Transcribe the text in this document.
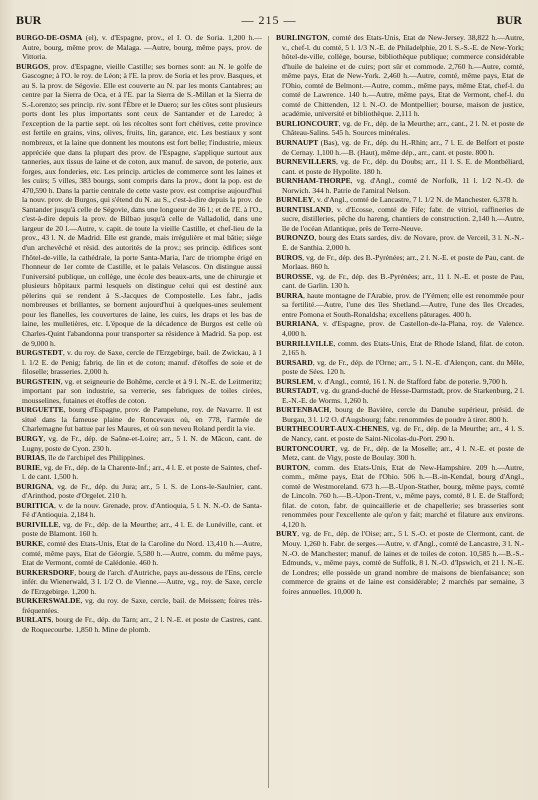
BUR	— 215 —	BUR

BURGO-DE-OSMA (el), v. d'Espagne, prov., el I. O. de Soria. 1,200 h.—Autre, bourg, même prov. de Malaga. —Autre, bourg, même pays, prov. de Vittoria.

BURGOS, prov. d'Espagne, vieille Castille; ses bornes sont: au N. le golfe de Gascogne; à l'O. le roy. de Léon; à l'E. la prov. de Soria et les prov. Basques, et au S. la prov. de Ségovie. Elle est couverte au N. par les monts Cantabres; au centre par la Sierra de Oca, et à l'E. par la Sierra de S.-Millan et la Sierra de S.-Lorenzo; ses princip. riv. sont l'Èbre et le Duero; sur les côtes sont plusieurs ports dont les plus importants sont ceux de Santander et de Laredo; à l'exception de la partie sept. où les récoltes sont fort chétives, cette province est fertile en grains, vins, olives, fruits, lin, garance, etc. Les bestiaux y sont nombreux, et la laine que donnent les moutons est fort belle; l'industrie, mieux appréciée que dans la plupart des prov. de l'Espagne, s'applique surtout aux tanneries, aux tissus de laine et de coton, aux manuf. de savon, de poterie, aux forges, aux fonderies, etc. Les princip. articles de commerce sont les laines et les cuirs; 5 villes, 383 bourgs, sont compris dans la prov., dont la pop. est de 470,590 h. Dans la partie centrale de cette vaste prov. est comprise aujourd'hui la nouv. prov. de Burgos, qui s'étend du N. au S., c'est-à-dire depuis la prov. de Santander jusqu'à celle de Ségovie, dans une longueur de 36 l.; et de l'E. à l'O., c'est-à-dire depuis la prov. de Bilbao jusqu'à celle de Valladolid, dans une largeur de 20 l.—Autre, v. capit. de toute la vieille Castille, et chef-lieu de la prov., 43 l. N. de Madrid. Elle est grande, mais irrégulière et mal bâtie; siège d'un archevêché et résid. des autorités de la prov.; ses princip. édifices sont l'hôtel-de-ville, la cathédrale, la porte Santa-Maria, l'arc de triomphe érigé en l'honneur de 1er comte de Castille, et le palais Velascos. On distingue aussi l'université publique, un collège, une école des beaux-arts, une de chirurgie et plusieurs hôpitaux parmi lesquels on distingue celui qui est destiné aux pèlerins qui se rendent à S.-Jacques de Compostelle. Les fabr., jadis nombreuses et brillantes, se bornent aujourd'hui à quelques-unes seulement pour les flanelles, les couvertures de laine, les cuirs, les draps et les bas de laine, les mulletières, etc. L'époque de la décadence de Burgos est celle où Charles-Quint l'abandonna pour transporter sa résidence à Madrid. Sa pop. est de 9,000 h.

BURGSTEDT, v. du roy. de Saxe, cercle de l'Erzgebirge, bail. de Zwickau, à 1 l. 1/2 E. de Penig; fabriq. de lin et de coton; manuf. d'étoffes de soie et de filoselle; brasseries. 2,000 h.

BURGSTEIN, vg. et seigneurie de Bohême, cercle et à 9 l. N.-E. de Leitmeritz; important par son industrie, sa verrerie, ses fabriques de toiles cirées, mousselines, futaines et étoffes de coton.

BURGUETTE, bourg d'Espagne, prov. de Pampelune, roy. de Navarre. Il est situé dans la fameuse plaine de Roncevaux où, en 778, l'armée de Charlemagne fut battue par les Maures, et où son neveu Roland perdit la vie.

BURGY, vg. de Fr., dép. de Saône-et-Loire; arr., 5 l. N. de Mâcon, cant. de Lugny, poste de Cyon. 230 h.

BURIAS, île de l'archipel des Philippines.

BURIE, vg. de Fr., dép. de la Charente-Inf.; arr., 4 l. E. et poste de Saintes, chef-l. de cant. 1,500 h.

BURIGNA, vg. de Fr., dép. du Jura; arr., 5 l. S. de Lons-le-Saulnier, cant. d'Arinthod, poste d'Orgelet. 210 h.

BURITICA, v. de la nouv. Grenade, prov. d'Antioquia, 5 l. N. N.-O. de Santa-Fé d'Antioquia. 2,184 h.

BURIVILLE, vg. de Fr., dép. de la Meurthe; arr., 4 l. E. de Lunéville, cant. et poste de Blamont. 160 h.

BURKE, comté des Etats-Unis, Etat de la Caroline du Nord. 13,410 h.—Autre, comté, même pays, Etat de Géorgie. 5,580 h.—Autre, comm. du même pays, Etat de Vermont, comté de Calédonie. 460 h.

BURKERSDORF, bourg de l'arch. d'Autriche, pays au-dessous de l'Ens, cercle infér. du Wienerwald, 3 l. 1/2 O. de Vienne.—Autre, vg., roy. de Saxe, cercle de l'Erzgebirge. 1,200 h.

BURKERSWALDE, vg. du roy. de Saxe, cercle, bail. de Meissen; foires très-fréquentées.

BURLATS, bourg de Fr., dép. du Tarn; arr., 2 l. N.-E. et poste de Castres, cant. de Roquecourbe. 1,850 h. Mine de plomb.

BURLINGTON, comté des Etats-Unis, Etat de New-Jersey. 38,822 h.—Autre, v., chef-l. du comté, 5 l. 1/3 N.-E. de Philadelphie, 20 l. S.-S.-E. de New-York; hôtel-de-ville, collège, bourse, bibliothèque publique; commerce considérable d'huile de baleine et de cuirs; port sûr et commode. 2,760 h.—Autre, comté, même pays, Etat de New-York. 2,460 h.—Autre, comté, même pays, Etat de l'Ohio, comté de Belmont.—Autre, comm., même pays, même Etat, chef-l. du comté de Lawrence. 140 h.—Autre, même pays, Etat de Vermont, chef-l. du comté de Chittenden, 12 l. N.-O. de Montpellier; bourse, maison de justice, académie, université et bibliothèque. 2,111 h.

BURLIONCOURT, vg. de Fr., dép. de la Meurthe; arr., cant., 2 l. N. et poste de Château-Salins. 545 h. Sources minérales.

BURNAUPT (Bas), vg. de Fr., dép. du H.-Rhin; arr., 7 l. E. de Belfort et poste de Cernay. 1,100 h.—B. (Haut), même dép., arr., cant. et poste. 800 h.

BURNEVILLERS, vg. de Fr., dép. du Doubs; arr., 11 l. S. E. de Montbéliard, cant. et poste de Hypolite. 180 h.

BURNHAM-THORPE, vg. d'Angl., comté de Norfolk, 11 l. 1/2 N.-O. de Norwich. 344 h. Patrie de l'amiral Nelson.

BURNLEY, v. d'Angl., comté de Lancastre, 7 l. 1/2 N. de Manchester. 6,378 h.

BURNTISLAND, v. d'Ecosse, comté de Fife; fabr. de vitriol, raffineries de sucre, distilleries, pêche du hareng, chantiers de construction. 2,140 h.—Autre, île de l'océan Atlantique, près de Terre-Neuve.

BURONZO, bourg des Etats sardes, div. de Novare, prov. de Verceil, 3 l. N.-N.-E. de Santhia. 2,000 h.

BUROS, vg. de Fr., dép. des B.-Pyrénées; arr., 2 l. N.-E. et poste de Pau, cant. de Morlaas. 860 h.

BUROSSE, vg. de Fr., dép. des B.-Pyrénées; arr., 11 l. N.-E. et poste de Pau, cant. de Garlin. 130 h.

BURRA, haute montagne de l'Arabie, prov. de l'Yémen; elle est renommée pour sa fertilité.—Autre, l'une des îles Shetland.—Autre, l'une des îles Orcades, entre Pomona et South-Ronaldsha; excellens pâturages. 400 h.

BURRIANA, v. d'Espagne, prov. de Castellon-de-la-Plana, roy. de Valence. 4,000 h.

BURRILLVILLE, comm. des Etats-Unis, Etat de Rhode Island, filat. de coton. 2,165 h.

BURSARD, vg. de Fr., dép. de l'Orne; arr., 5 l. N.-E. d'Alençon, cant. du Mêle, poste de Sées. 120 h.

BURSLEM, v. d'Angl., comté, 16 l. N. de Stafford fabr. de poterie. 9,700 h.

BURSTADT, vg. du grand-duché de Hesse-Darmstadt, prov. de Starkenburg, 2 l. E.-N.-E. de Worms. 1,260 h.

BURTENBACH, bourg de Bavière, cercle du Danube supérieur, présid. de Burgau, 3 l. 1/2 O. d'Augsbourg; fabr. renommées de poudre à tirer. 800 h.

BURTHECOURT-AUX-CHENES, vg. de Fr., dép. de la Meurthe; arr., 4 l. S. de Nancy, cant. et poste de Saint-Nicolas-du-Port. 290 h.

BURTONCOURT, vg. de Fr., dép. de la Moselle; arr., 4 l. N.-E. et poste de Metz, cant. de Vigy, poste de Boulay. 300 h.

BURTON, comm. des Etats-Unis, Etat de New-Hampshire. 209 h.—Autre, comm., même pays, Etat de l'Ohio. 506 h.—B.-in-Kendal, bourg d'Angl., comté de Westmoreland. 673 h.—B.-Upon-Stather, bourg, même pays, comté de Lincoln. 760 h.—B.-Upon-Trent, v., même pays, comté, 8 l. E. de Stafford; filat. de coton, fabr. de quincaillerie et de chapellerie; ses brasseries sont renommées pour l'excellente ale qu'on y fait; marché et filature aux environs. 4,120 h.

BURY, vg. de Fr., dép. de l'Oise; arr., 5 l. S.-O. et poste de Clermont, cant. de Mouy. 1,260 h. Fabr. de serges.—Autre, v. d'Angl., comté de Lancastre, 3 l. N.-N.-O. de Manchester; manuf. de laines et de toiles de coton. 10,585 h.—B.-S.-Edmunds, v., même pays, comté de Suffolk, 8 l. N.-O. d'Ipswich, et 21 l. N.-E. de Londres; elle possède un grand nombre de maisons de bienfaisance; son commerce de grains et de laine est considérable; 2 marchés par semaine, 3 foires annuelles. 10,000 h.
